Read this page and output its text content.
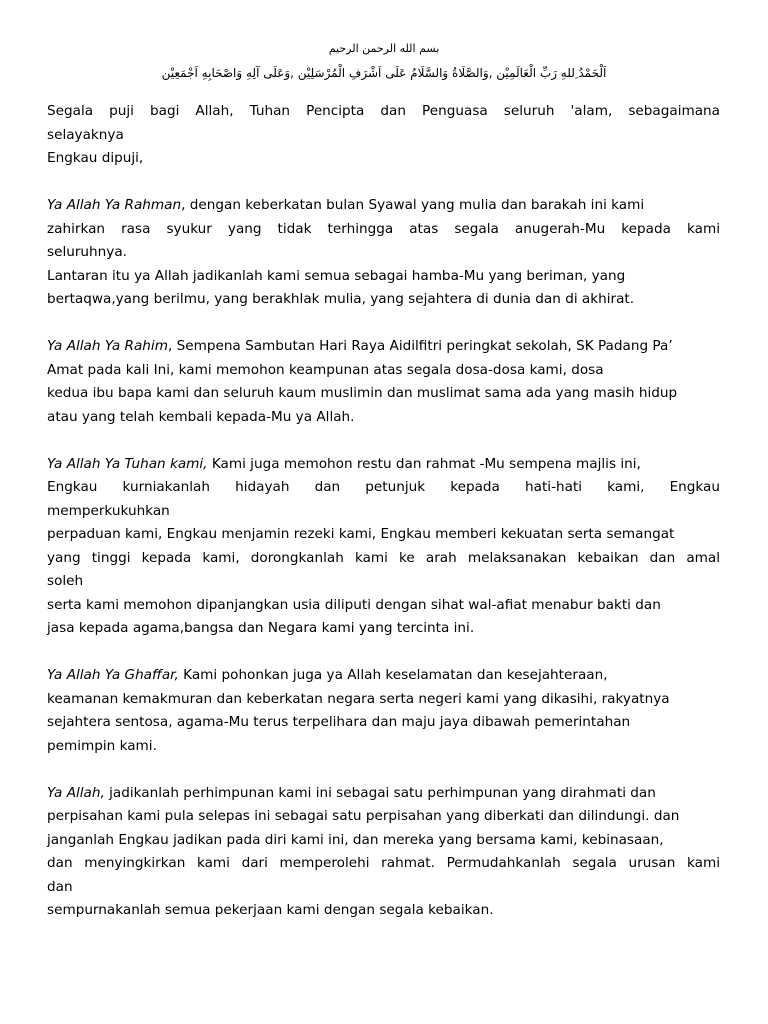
بسم الله الرحمن الرحيم
اَلْحَمْدُ ِللهِ رَبِّ الْعَالَمِيْن ,وَالصَّلَاةُ وَالسَّلَامُ عَلَى اَشْرَفِ الْمُرْسَلِيْن ,وَعَلَى آلِهِ وَاصْحَابِهِ اَجْمَعِيْن
Segala puji bagi Allah, Tuhan Pencipta dan Penguasa seluruh 'alam, sebagaimana
selayaknya
Engkau dipuji,
Ya Allah Ya Rahman, dengan keberkatan bulan Syawal yang mulia dan barakah ini kami
zahirkan rasa syukur yang tidak terhingga atas segala anugerah-Mu kepada kami
seluruhnya.
Lantaran itu ya Allah jadikanlah kami semua sebagai hamba-Mu yang beriman, yang
bertaqwa,yang berilmu, yang berakhlak mulia, yang sejahtera di dunia dan di akhirat.
Ya Allah Ya Rahim, Sempena Sambutan Hari Raya Aidilfitri peringkat sekolah, SK Padang Pa’
Amat pada kali Ini, kami memohon keampunan atas segala dosa-dosa kami, dosa
kedua ibu bapa kami dan seluruh kaum muslimin dan muslimat sama ada yang masih hidup
atau yang telah kembali kepada-Mu ya Allah.
Ya Allah Ya Tuhan kami, Kami juga memohon restu dan rahmat -Mu sempena majlis ini,
Engkau kurniakanlah hidayah dan petunjuk kepada hati-hati kami, Engkau
memperkukuhkan
perpaduan kami, Engkau menjamin rezeki kami, Engkau memberi kekuatan serta semangat
yang tinggi kepada kami, dorongkanlah kami ke arah melaksanakan kebaikan dan amal
soleh
serta kami memohon dipanjangkan usia diliputi dengan sihat wal-afiat menabur bakti dan
jasa kepada agama,bangsa dan Negara kami yang tercinta ini.
Ya Allah Ya Ghaffar, Kami pohonkan juga ya Allah keselamatan dan kesejahteraan,
keamanan kemakmuran dan keberkatan negara serta negeri kami yang dikasihi, rakyatnya
sejahtera sentosa, agama-Mu terus terpelihara dan maju jaya dibawah pemerintahan
pemimpin kami.
Ya Allah, jadikanlah perhimpunan kami ini sebagai satu perhimpunan yang dirahmati dan
perpisahan kami pula selepas ini sebagai satu perpisahan yang diberkati dan dilindungi. dan
janganlah Engkau jadikan pada diri kami ini, dan mereka yang bersama kami, kebinasaan,
dan menyingkirkan kami dari memperolehi rahmat. Permudahkanlah segala urusan kami
dan
sempurnakanlah semua pekerjaan kami dengan segala kebaikan.
